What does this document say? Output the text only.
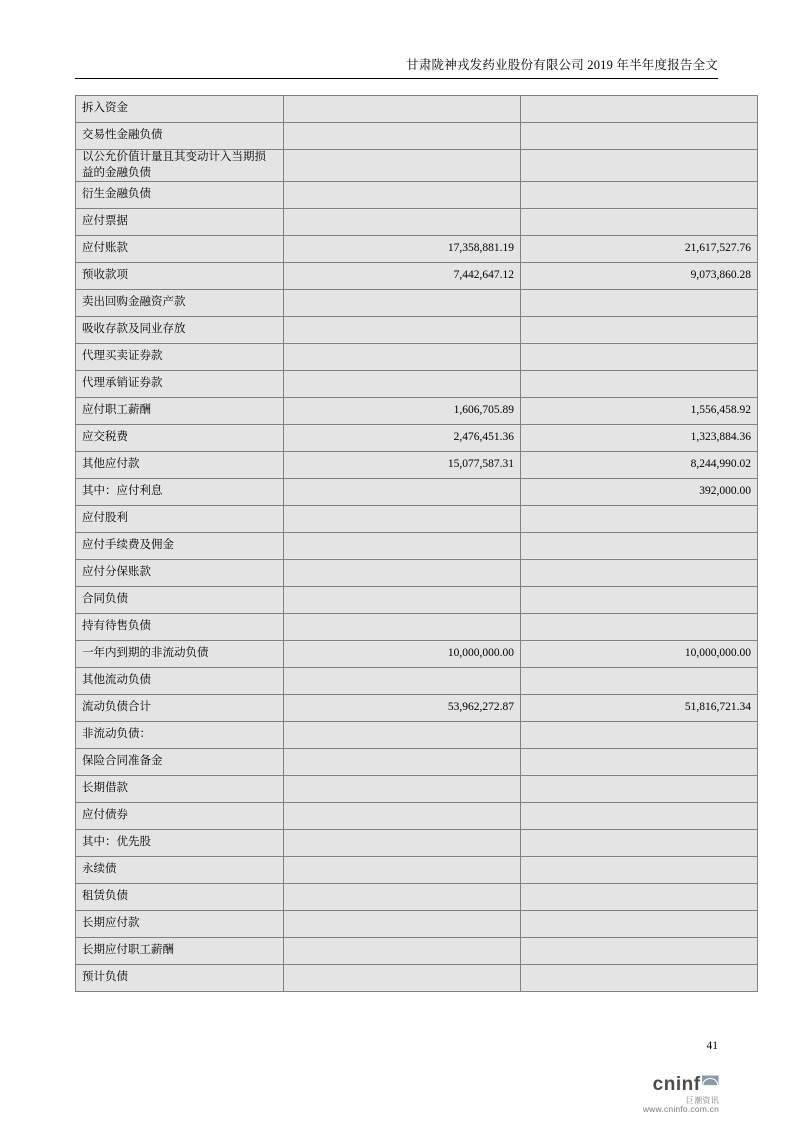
甘肃陇神戎发药业股份有限公司 2019 年半年度报告全文
拆入资金		
交易性金融负债		
以公允价值计量且其变动计入当期损益的金融负债		
衍生金融负债		
应付票据		
应付账款	17,358,881.19	21,617,527.76
预收款项	7,442,647.12	9,073,860.28
卖出回购金融资产款		
吸收存款及同业存放		
代理买卖证券款		
代理承销证券款		
应付职工薪酬	1,606,705.89	1,556,458.92
应交税费	2,476,451.36	1,323,884.36
其他应付款	15,077,587.31	8,244,990.02
其中：应付利息		392,000.00
应付股利		
应付手续费及佣金		
应付分保账款		
合同负债		
持有待售负债		
一年内到期的非流动负债	10,000,000.00	10,000,000.00
其他流动负债		
流动负债合计	53,962,272.87	51,816,721.34
非流动负债：		
保险合同准备金		
长期借款		
应付债券		
其中：优先股		
永续债		
租赁负债		
长期应付款		
长期应付职工薪酬		
预计负债		
41
cninf◚
巨潮资讯
www.cninfo.com.cn
